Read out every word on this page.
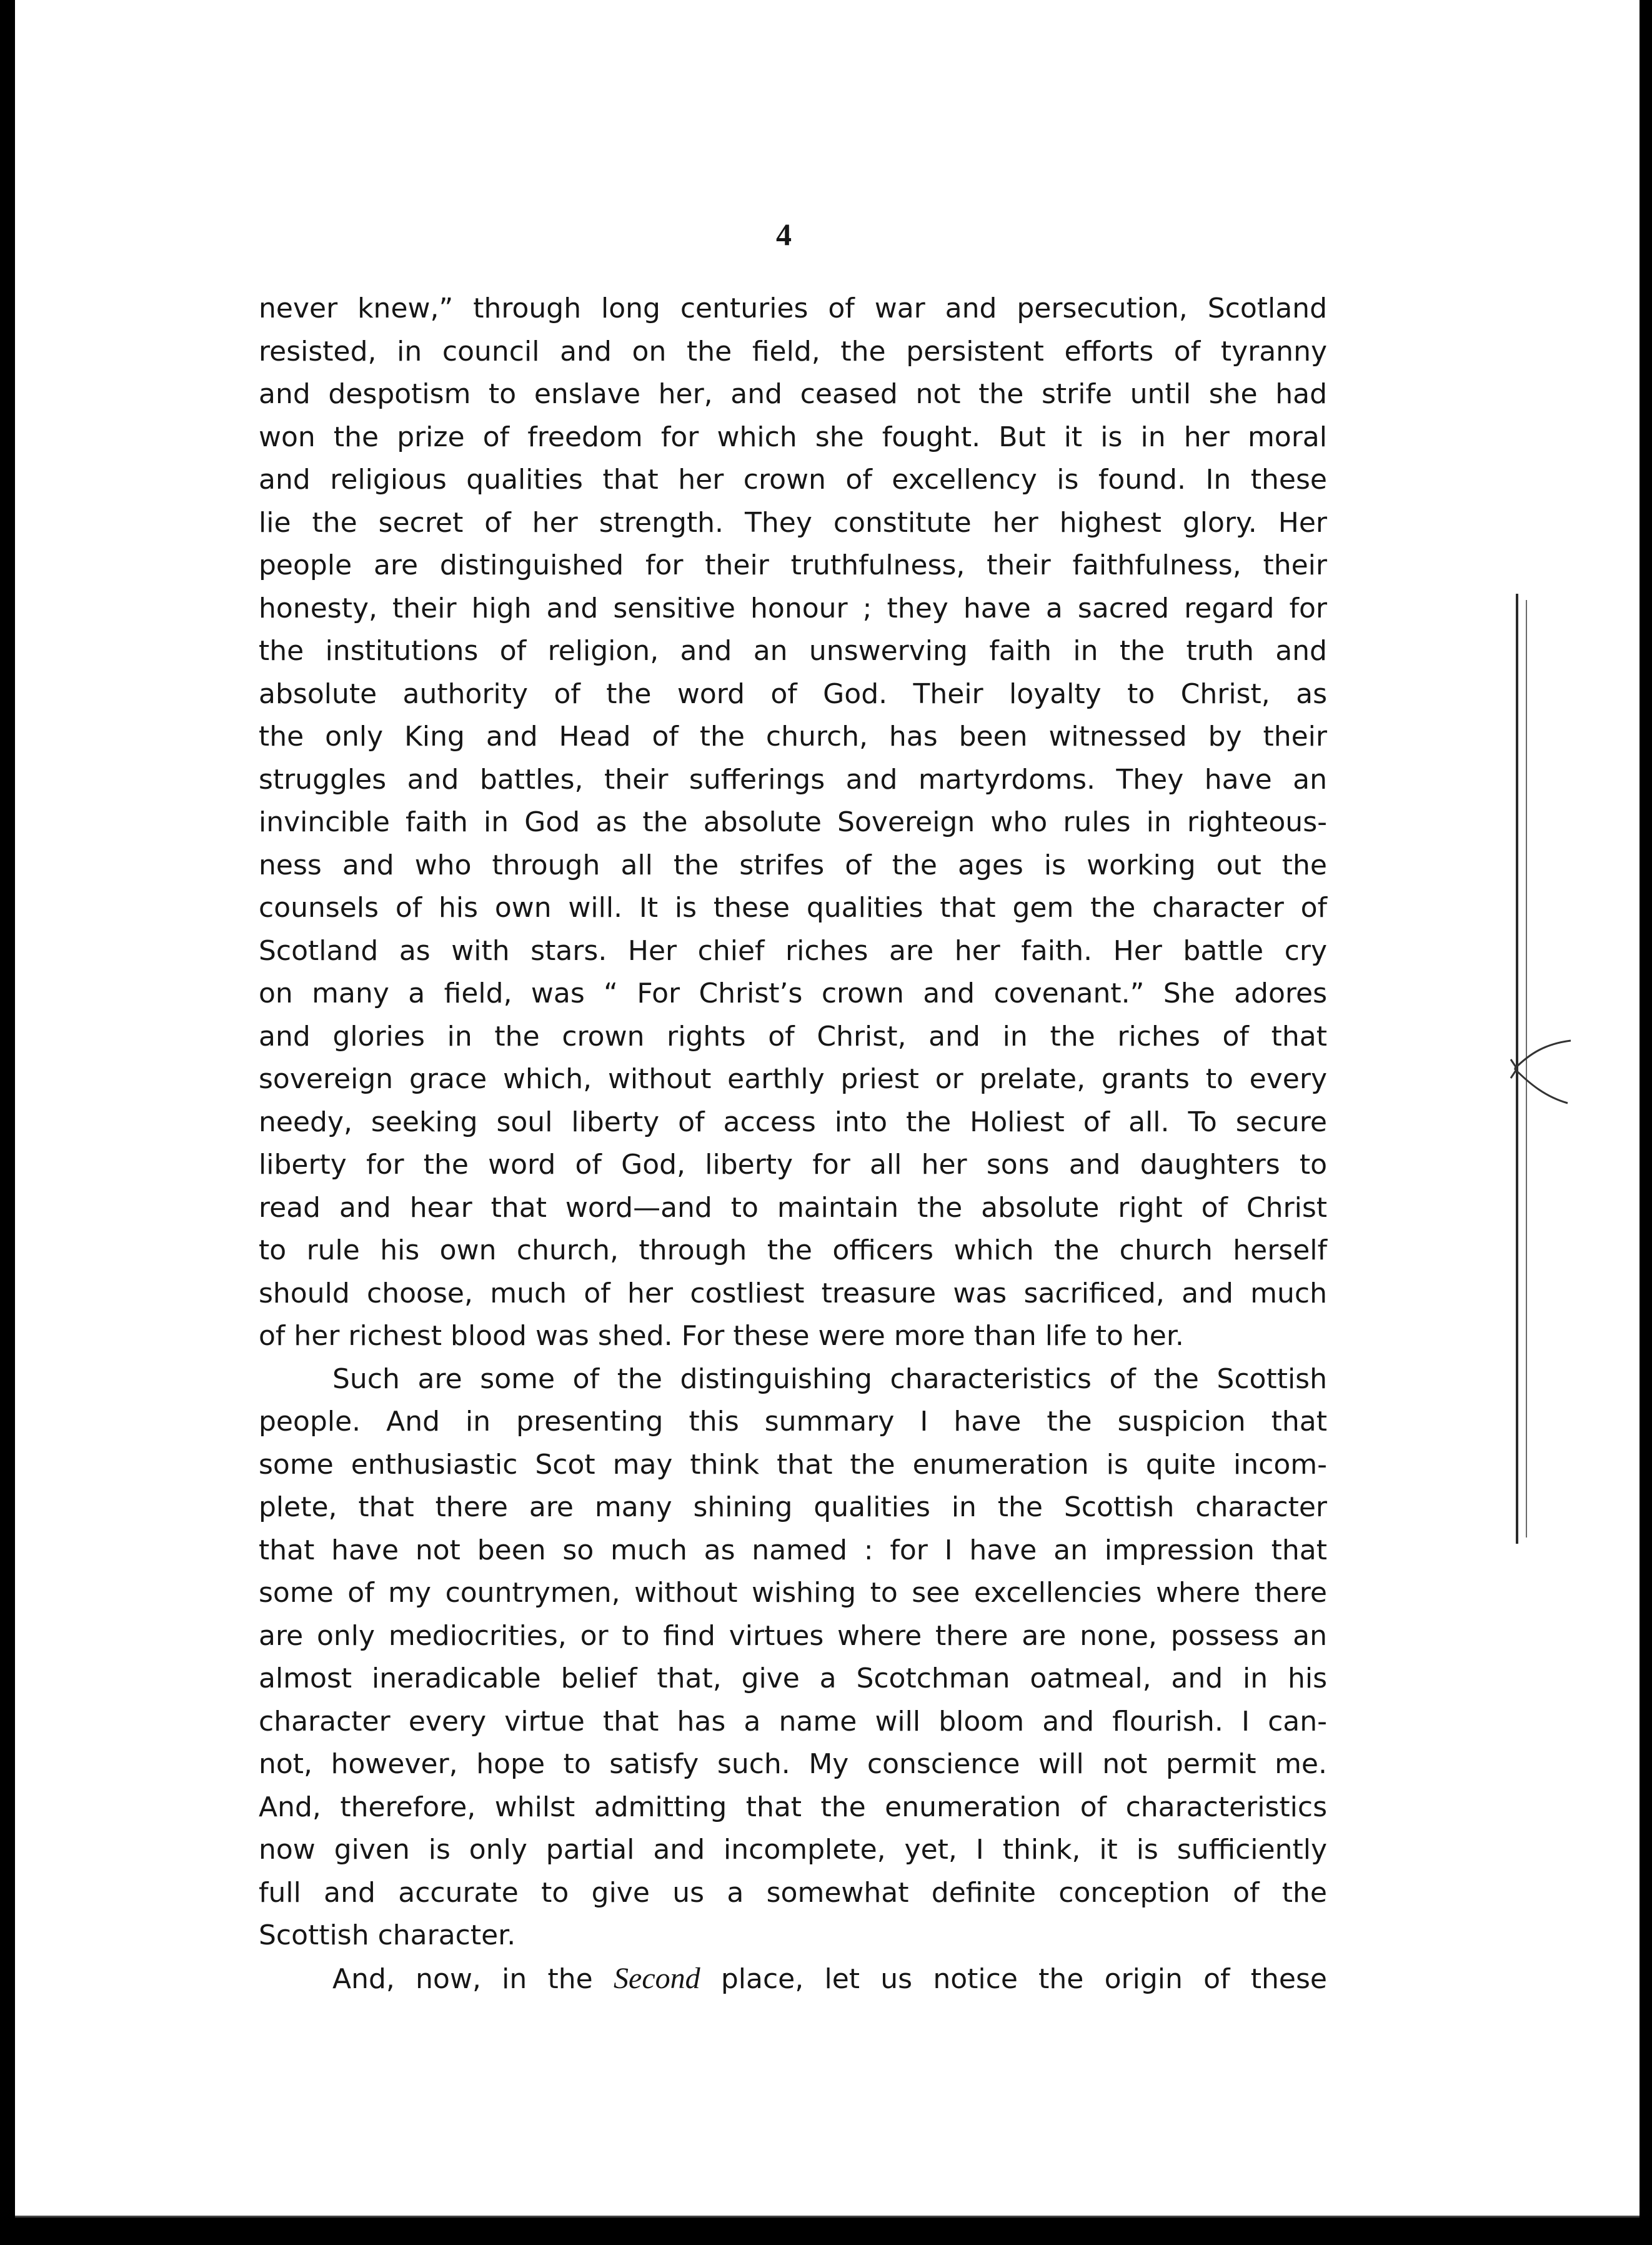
4
never knew,” through long centuries of war and persecution, Scotland
resisted, in council and on the field, the persistent efforts of tyranny
and despotism to enslave her, and ceased not the strife until she had
won the prize of freedom for which she fought. But it is in her moral
and religious qualities that her crown of excellency is found. In these
lie the secret of her strength. They constitute her highest glory. Her
people are distinguished for their truthfulness, their faithfulness, their
honesty, their high and sensitive honour ; they have a sacred regard for
the institutions of religion, and an unswerving faith in the truth and
absolute authority of the word of God. Their loyalty to Christ, as
the only King and Head of the church, has been witnessed by their
struggles and battles, their sufferings and martyrdoms. They have an
invincible faith in God as the absolute Sovereign who rules in righteous-
ness and who through all the strifes of the ages is working out the
counsels of his own will. It is these qualities that gem the character of
Scotland as with stars. Her chief riches are her faith. Her battle cry
on many a field, was “ For Christ’s crown and covenant.” She adores
and glories in the crown rights of Christ, and in the riches of that
sovereign grace which, without earthly priest or prelate, grants to every
needy, seeking soul liberty of access into the Holiest of all. To secure
liberty for the word of God, liberty for all her sons and daughters to
read and hear that word—and to maintain the absolute right of Christ
to rule his own church, through the officers which the church herself
should choose, much of her costliest treasure was sacrificed, and much
of her richest blood was shed. For these were more than life to her.
Such are some of the distinguishing characteristics of the Scottish
people. And in presenting this summary I have the suspicion that
some enthusiastic Scot may think that the enumeration is quite incom-
plete, that there are many shining qualities in the Scottish character
that have not been so much as named : for I have an impression that
some of my countrymen, without wishing to see excellencies where there
are only mediocrities, or to find virtues where there are none, possess an
almost ineradicable belief that, give a Scotchman oatmeal, and in his
character every virtue that has a name will bloom and flourish. I can-
not, however, hope to satisfy such. My conscience will not permit me.
And, therefore, whilst admitting that the enumeration of characteristics
now given is only partial and incomplete, yet, I think, it is sufficiently
full and accurate to give us a somewhat definite conception of the
Scottish character.
And, now, in the Second place, let us notice the origin of these
